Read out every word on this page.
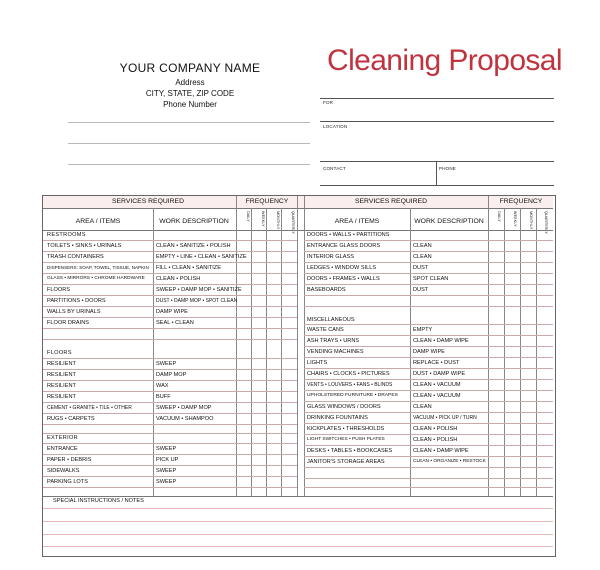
YOUR COMPANY NAME
Address
CITY, STATE, ZIP CODE
Phone Number
Cleaning Proposal
FOR
LOCATION
CONTACT	PHONE
SERVICES REQUIRED	FREQUENCY	SERVICES REQUIRED	FREQUENCY
AREA / ITEMS	WORK DESCRIPTION	AREA / ITEMS	WORK DESCRIPTION
DAILY	WEEKLY	MONTHLY	QUARTERLY	DAILY	WEEKLY	MONTHLY	QUARTERLY
RESTROOMS
TOILETS • SINKS • URINALS	CLEAN • SANITIZE • POLISH
TRASH CONTAINERS	EMPTY • LINE • CLEAN • SANITIZE
DISPENSERS: SOAP, TOWEL, TISSUE, NAPKIN	FILL • CLEAN • SANITIZE
GLASS • MIRRORS • CHROME HARDWARE	CLEAN • POLISH
FLOORS	SWEEP • DAMP MOP • SANITIZE
PARTITIONS • DOORS	DUST • DAMP MOP • SPOT CLEAN
WALLS BY URINALS	DAMP WIPE
FLOOR DRAINS	SEAL • CLEAN
FLOORS
RESILIENT	SWEEP
RESILIENT	DAMP MOP
RESILIENT	WAX
RESILIENT	BUFF
CEMENT • GRANITE • TILE • OTHER	SWEEP • DAMP MOP
RUGS • CARPETS	VACUUM • SHAMPOO
EXTERIOR
ENTRANCE	SWEEP
PAPER • DEBRIS	PICK UP
SIDEWALKS	SWEEP
PARKING LOTS	SWEEP
DOORS • WALLS • PARTITIONS
ENTRANCE GLASS DOORS	CLEAN
INTERIOR GLASS	CLEAN
LEDGES • WINDOW SILLS	DUST
DOORS • FRAMES • WALLS	SPOT CLEAN
BASEBOARDS	DUST
MISCELLANEOUS
WASTE CANS	EMPTY
ASH TRAYS • URNS	CLEAN • DAMP WIPE
VENDING MACHINES	DAMP WIPE
LIGHTS	REPLACE • DUST
CHAIRS • CLOCKS • PICTURES	DUST • DAMP WIPE
VENTS • LOUVERS • FANS • BLINDS	CLEAN • VACUUM
UPHOLSTERED FURNITURE • DRAPES	CLEAN • VACUUM
GLASS WINDOWS / DOORS	CLEAN
DRINKING FOUNTAINS	VACUUM • PICK UP / TURN
KICKPLATES • THRESHOLDS	CLEAN • POLISH
LIGHT SWITCHES • PUSH PLATES	CLEAN • POLISH
DESKS • TABLES • BOOKCASES	CLEAN • DAMP WIPE
JANITOR'S STORAGE AREAS	CLEAN • ORGANIZE • RESTOCK
SPECIAL INSTRUCTIONS / NOTES
